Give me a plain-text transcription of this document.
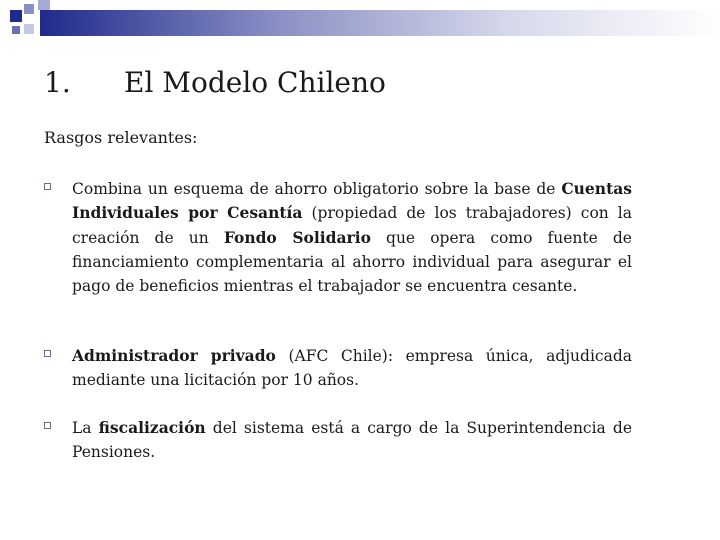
1.	El Modelo Chileno
Rasgos relevantes:
Combina un esquema de ahorro obligatorio sobre la base de Cuentas Individuales por Cesantía (propiedad de los trabajadores) con la creación de un Fondo Solidario que opera como fuente de financiamiento complementaria al ahorro individual para asegurar el pago de beneficios mientras el trabajador se encuentra cesante.
Administrador privado (AFC Chile): empresa única, adjudicada mediante una licitación por 10 años.
La fiscalización del sistema está a cargo de la Superintendencia de Pensiones.
